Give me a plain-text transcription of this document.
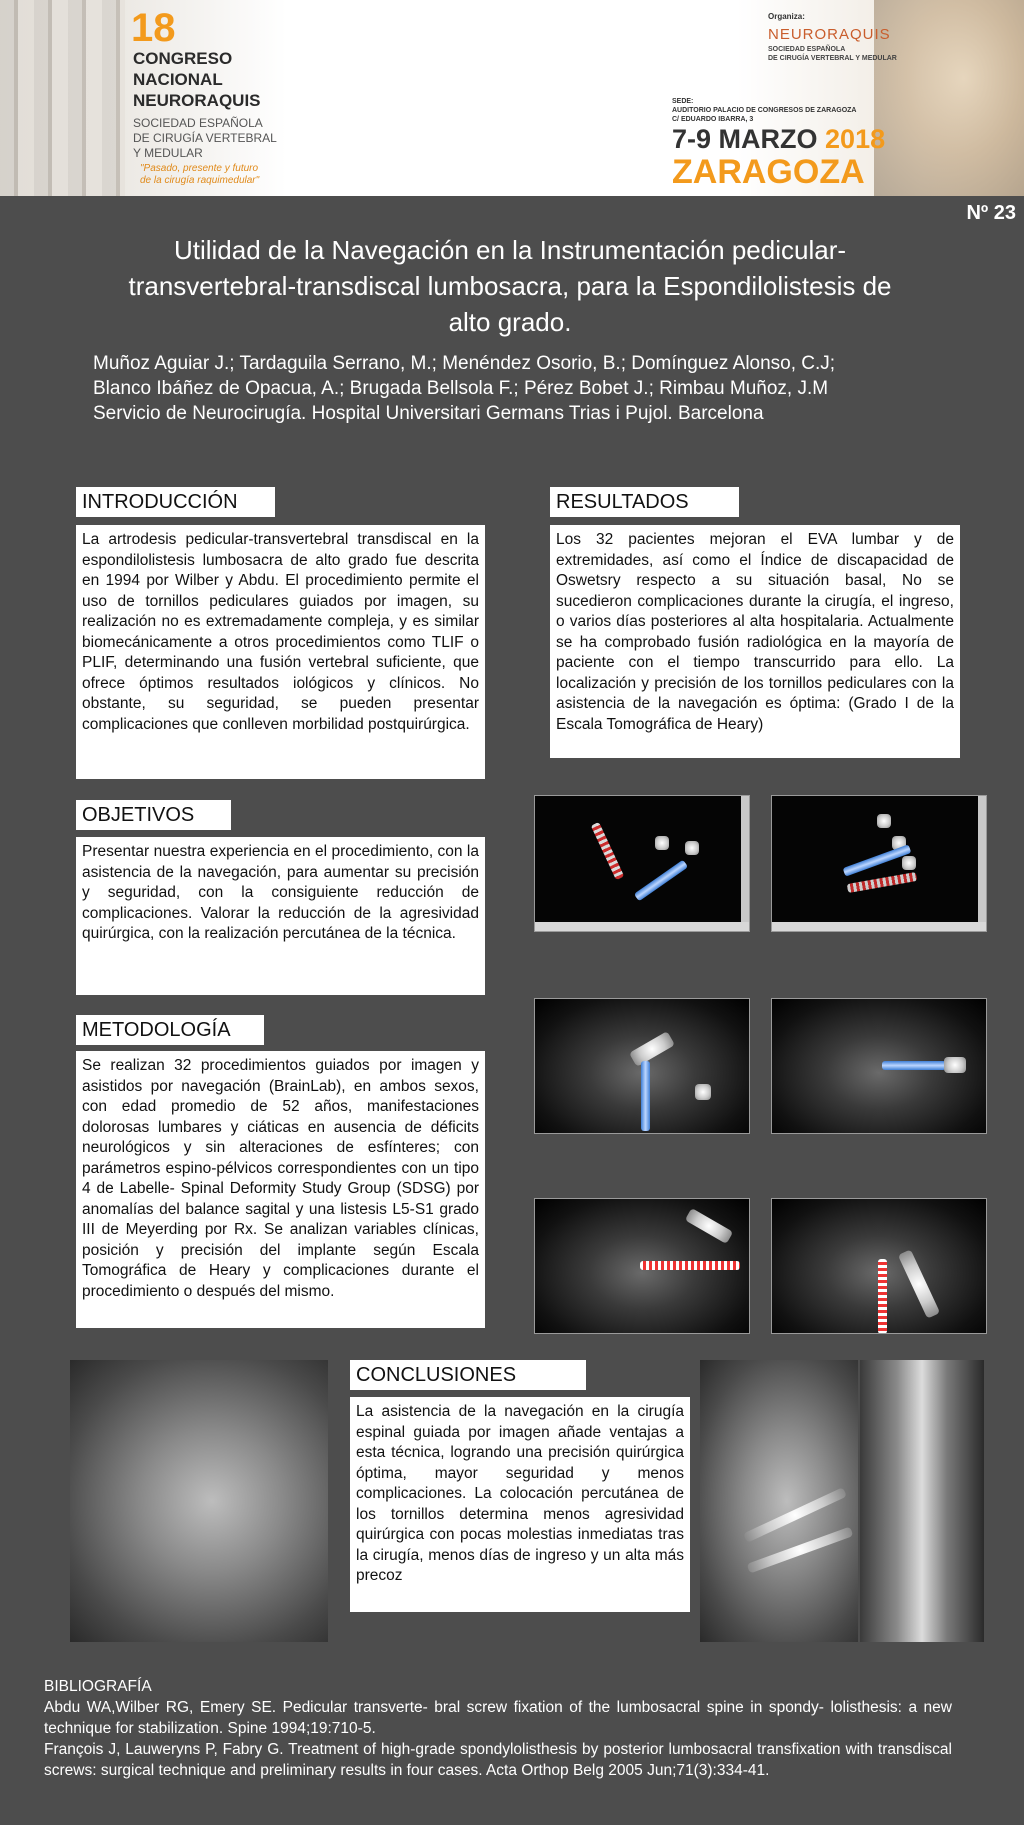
18
CONGRESO
NACIONAL
NEURORAQUIS
SOCIEDAD ESPAÑOLA
DE CIRUGÍA VERTEBRAL
Y MEDULAR
"Pasado, presente y futuro
de la cirugía raquimedular"
Organiza:
NEURORAQUIS
SOCIEDAD ESPAÑOLA
DE CIRUGÍA VERTEBRAL Y MEDULAR
SEDE:
AUDITORIO PALACIO DE CONGRESOS DE ZARAGOZA
C/ EDUARDO IBARRA, 3
7-9 MARZO 2018
ZARAGOZA
Nº 23
Utilidad de la Navegación en la Instrumentación pedicular-
transvertebral-transdiscal lumbosacra, para la Espondilolistesis de
alto grado.
Muñoz Aguiar J.; Tardaguila Serrano, M.; Menéndez Osorio, B.; Domínguez Alonso, C.J;
Blanco Ibáñez de Opacua, A.; Brugada Bellsola F.; Pérez Bobet J.; Rimbau Muñoz, J.M
Servicio de Neurocirugía. Hospital Universitari Germans Trias i Pujol. Barcelona
INTRODUCCIÓN
La artrodesis pedicular-transvertebral transdiscal en la espondilolistesis lumbosacra de alto grado fue descrita en 1994 por Wilber y Abdu. El procedimiento permite el uso de tornillos pediculares guiados por imagen, su realización no es extremadamente compleja, y es similar biomecánicamente a otros procedimientos como TLIF o PLIF, determinando una fusión vertebral suficiente, que ofrece óptimos resultados iológicos y clínicos. No obstante, su seguridad, se pueden presentar complicaciones que conlleven morbilidad postquirúrgica.
OBJETIVOS
Presentar nuestra experiencia en el procedimiento, con la asistencia de la navegación, para aumentar su precisión y seguridad, con la consiguiente reducción de complicaciones. Valorar la reducción de la agresividad quirúrgica, con la realización percutánea de la técnica.
METODOLOGÍA
Se realizan 32 procedimientos guiados por imagen y asistidos por navegación (BrainLab), en ambos sexos, con edad promedio de 52 años, manifestaciones dolorosas lumbares y ciáticas en ausencia de déficits neurológicos y sin alteraciones de esfínteres; con parámetros espino-pélvicos correspondientes con un tipo 4 de Labelle- Spinal Deformity Study Group (SDSG) por anomalías del balance sagital y una listesis L5-S1 grado III de Meyerding por Rx. Se analizan variables clínicas, posición y precisión del implante según Escala Tomográfica de Heary y complicaciones durante el procedimiento o después del mismo.
RESULTADOS
Los 32 pacientes mejoran el EVA lumbar y de extremidades, así como el Índice de discapacidad de Oswetsry respecto a su situación basal, No se sucedieron complicaciones durante la cirugía, el ingreso, o varios días posteriores al alta hospitalaria. Actualmente se ha comprobado fusión radiológica en la mayoría de paciente con el tiempo transcurrido para ello. La localización y precisión de los tornillos pediculares con la asistencia de la navegación es óptima: (Grado I de la Escala Tomográfica de Heary)
CONCLUSIONES
La asistencia de la navegación en la cirugía espinal guiada por imagen añade ventajas a esta técnica, logrando una precisión quirúrgica óptima, mayor seguridad y menos complicaciones. La colocación percutánea de los tornillos determina menos agresividad quirúrgica con pocas molestias inmediatas tras la cirugía, menos días de ingreso y un alta más precoz
BIBLIOGRAFÍA
Abdu WA,Wilber RG, Emery SE. Pedicular transverte- bral screw fixation of the lumbosacral spine in spondy- lolisthesis: a new technique for stabilization. Spine 1994;19:710-5.
François J, Lauweryns P, Fabry G. Treatment of high-grade spondylolisthesis by posterior lumbosacral transfixation with transdiscal screws: surgical technique and preliminary results in four cases. Acta Orthop Belg 2005 Jun;71(3):334-41.
